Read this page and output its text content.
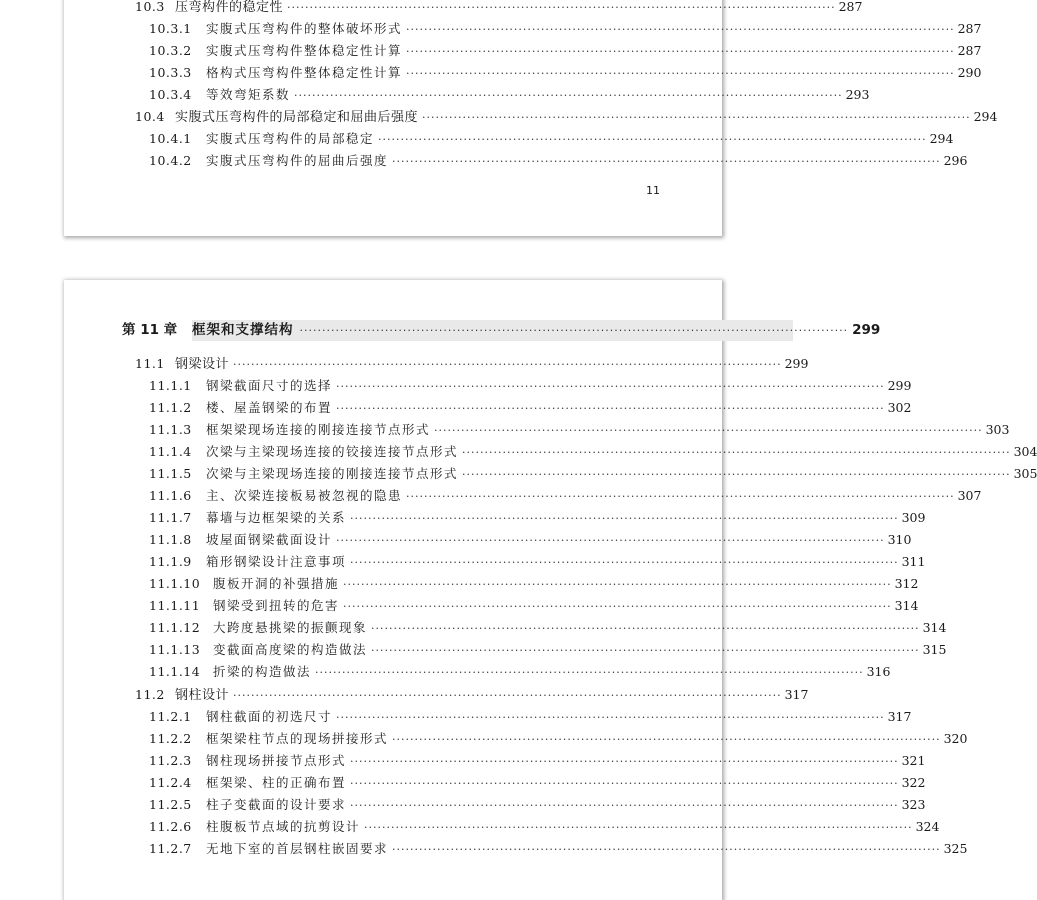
10.3 压弯构件的稳定性 ·····	287
10.3.1	实腹式压弯构件的整体破坏形式 ·····	287
10.3.2	实腹式压弯构件整体稳定性计算 ·····	287
10.3.3	格构式压弯构件整体稳定性计算 ·····	290
10.3.4	等效弯矩系数 ·····	293
10.4 实腹式压弯构件的局部稳定和屈曲后强度 ·····	294
10.4.1	实腹式压弯构件的局部稳定 ·····	294
10.4.2	实腹式压弯构件的屈曲后强度 ·····	296
11
第 11 章	框架和支撑结构 ·····	299
11.1 钢梁设计 ·····	299
11.1.1	钢梁截面尺寸的选择 ·····	299
11.1.2	楼、屋盖钢梁的布置 ·····	302
11.1.3	框架梁现场连接的刚接连接节点形式 ·····	303
11.1.4	次梁与主梁现场连接的铰接连接节点形式 ·····	304
11.1.5	次梁与主梁现场连接的刚接连接节点形式 ·····	305
11.1.6	主、次梁连接板易被忽视的隐患 ·····	307
11.1.7	幕墙与边框架梁的关系 ·····	309
11.1.8	坡屋面钢梁截面设计 ·····	310
11.1.9	箱形钢梁设计注意事项 ·····	311
11.1.10	腹板开洞的补强措施 ·····	312
11.1.11	钢梁受到扭转的危害 ·····	314
11.1.12	大跨度悬挑梁的振颤现象 ·····	314
11.1.13	变截面高度梁的构造做法 ·····	315
11.1.14	折梁的构造做法 ·····	316
11.2 钢柱设计 ·····	317
11.2.1	钢柱截面的初选尺寸 ·····	317
11.2.2	框架梁柱节点的现场拼接形式 ·····	320
11.2.3	钢柱现场拼接节点形式 ·····	321
11.2.4	框架梁、柱的正确布置 ·····	322
11.2.5	柱子变截面的设计要求 ·····	323
11.2.6	柱腹板节点域的抗剪设计 ·····	324
11.2.7	无地下室的首层钢柱嵌固要求 ·····	325
